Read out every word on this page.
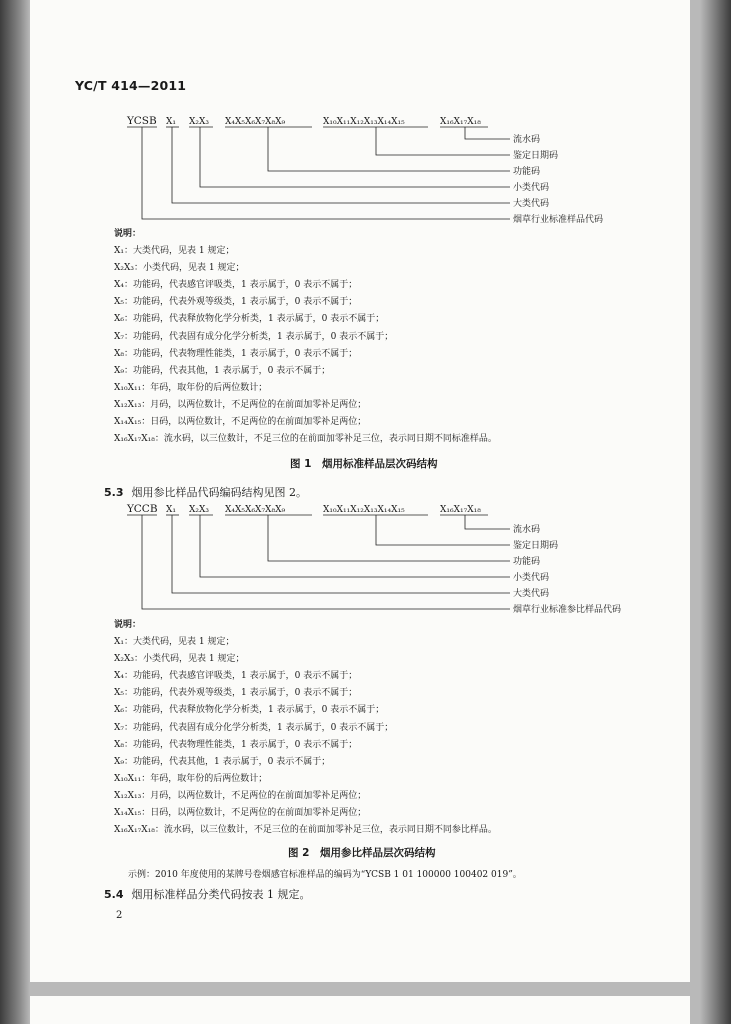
YC/T 414—2011
YCSB X₁ X₂X₃ X₄X₅X₆X₇X₈X₉	X₁₀X₁₁X₁₂X₁₃X₁₄X₁₅	X₁₆X₁₇X₁₈
流水码
鉴定日期码
功能码
小类代码
大类代码
烟草行业标准样品代码
YCCB X₁ X₂X₃ X₄X₅X₆X₇X₈X₉	X₁₀X₁₁X₁₂X₁₃X₁₄X₁₅	X₁₆X₁₇X₁₈
流水码
鉴定日期码
功能码
小类代码
大类代码
烟草行业标准参比样品代码
说明：
X₁：大类代码，见表 1 规定；
X₂X₃：小类代码，见表 1 规定；
X₄：功能码，代表感官评吸类，1 表示属于，0 表示不属于；
X₅：功能码，代表外观等级类，1 表示属于，0 表示不属于；
X₆：功能码，代表释放物化学分析类，1 表示属于，0 表示不属于；
X₇：功能码，代表固有成分化学分析类，1 表示属于，0 表示不属于；
X₈：功能码，代表物理性能类，1 表示属于，0 表示不属于；
X₉：功能码，代表其他，1 表示属于，0 表示不属于；
X₁₀X₁₁：年码，取年份的后两位数计；
X₁₂X₁₃：月码，以两位数计，不足两位的在前面加零补足两位；
X₁₄X₁₅：日码，以两位数计，不足两位的在前面加零补足两位；
X₁₆X₁₇X₁₈：流水码，以三位数计，不足三位的在前面加零补足三位，表示同日期不同标准样品。
图 1　烟用标准样品层次码结构
5.3 烟用参比样品代码编码结构见图 2。
说明：
X₁：大类代码，见表 1 规定；
X₂X₃：小类代码，见表 1 规定；
X₄：功能码，代表感官评吸类，1 表示属于，0 表示不属于；
X₅：功能码，代表外观等级类，1 表示属于，0 表示不属于；
X₆：功能码，代表释放物化学分析类，1 表示属于，0 表示不属于；
X₇：功能码，代表固有成分化学分析类，1 表示属于，0 表示不属于；
X₈：功能码，代表物理性能类，1 表示属于，0 表示不属于；
X₉：功能码，代表其他，1 表示属于，0 表示不属于；
X₁₀X₁₁：年码，取年份的后两位数计；
X₁₂X₁₃：月码，以两位数计，不足两位的在前面加零补足两位；
X₁₄X₁₅：日码，以两位数计，不足两位的在前面加零补足两位；
X₁₆X₁₇X₁₈：流水码，以三位数计，不足三位的在前面加零补足三位，表示同日期不同参比样品。
图 2　烟用参比样品层次码结构
示例：2010 年度使用的某牌号卷烟感官标准样品的编码为“YCSB 1 01 100000 100402 019”。
5.4 烟用标准样品分类代码按表 1 规定。
2
